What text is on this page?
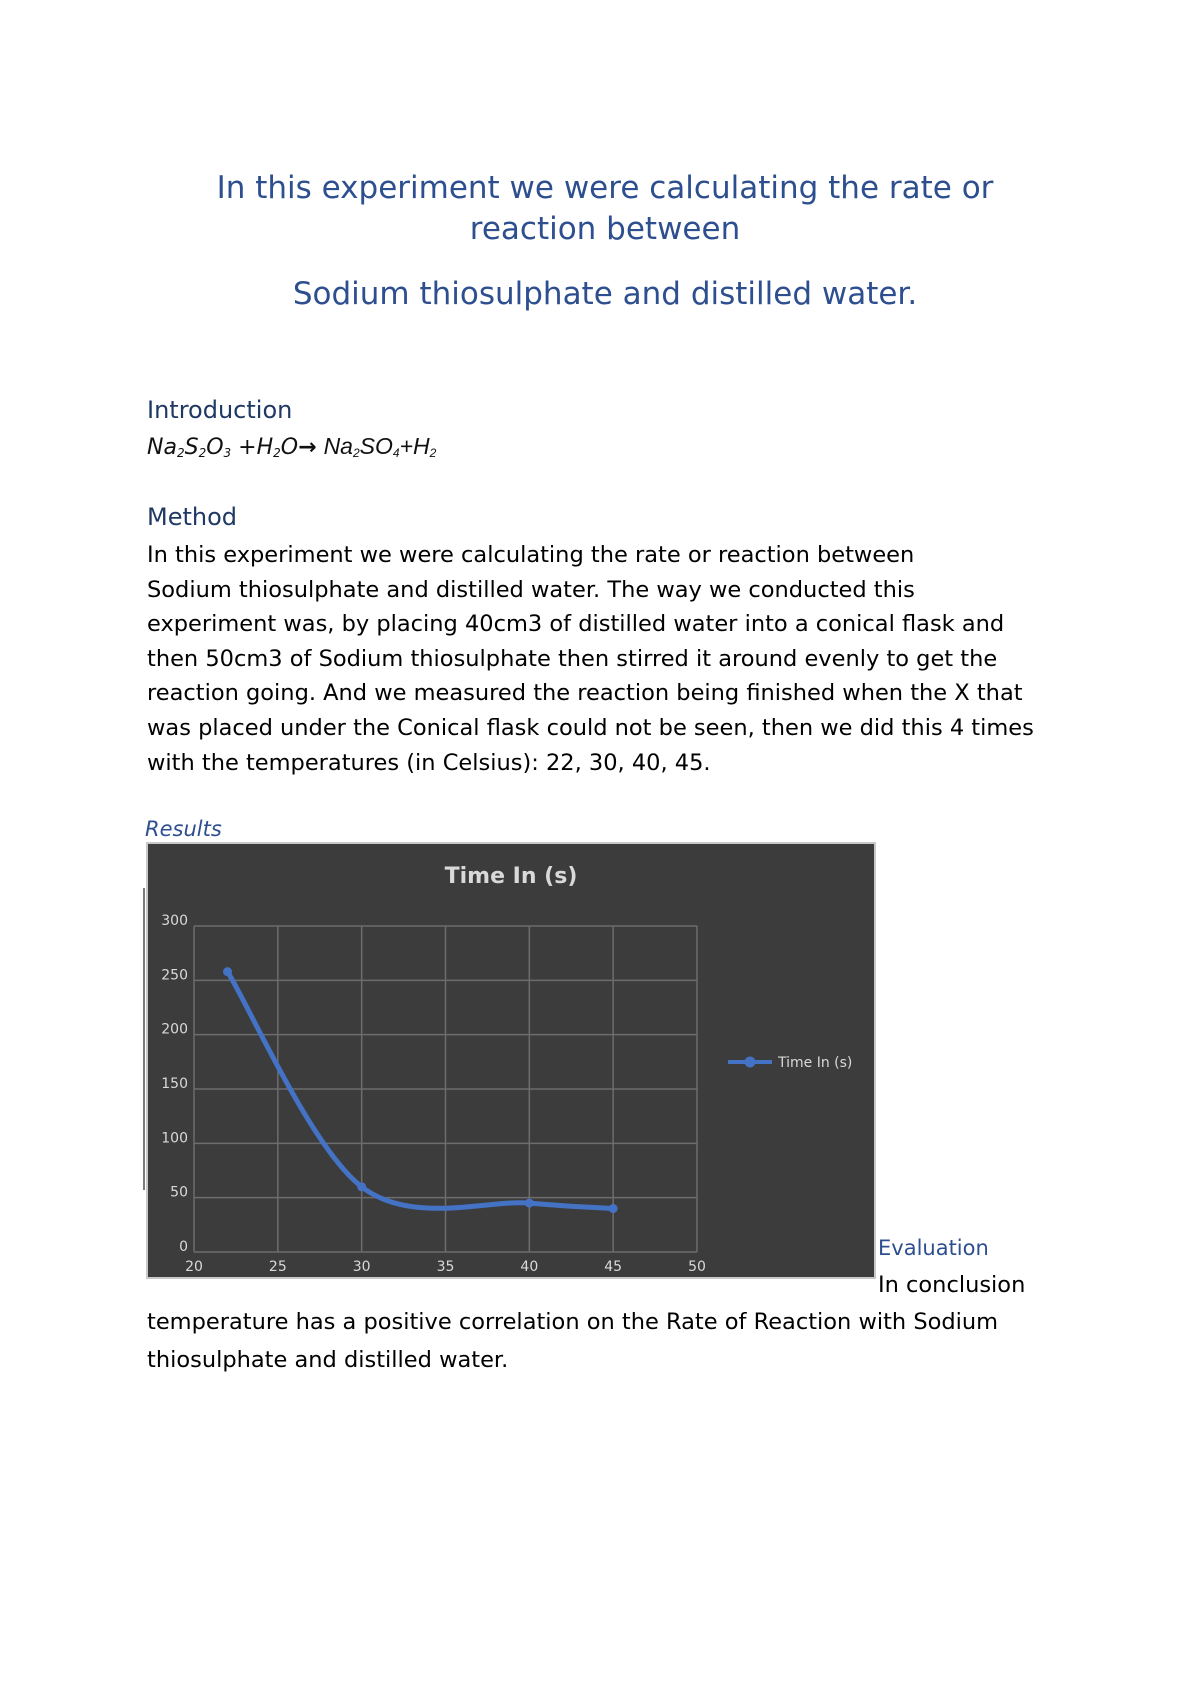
In this experiment we were calculating the rate or
reaction between
Sodium thiosulphate and distilled water.
Introduction
$Na_2S_2O_3 +H_2O\to Na_2SO_4+H_2$
Method
In this experiment we were calculating the rate or reaction between
Sodium thiosulphate and distilled water. The way we conducted this
experiment was, by placing 40cm3 of distilled water into a conical flask and
then 50cm3 of Sodium thiosulphate then stirred it around evenly to get the
reaction going. And we measured the reaction being finished when the X that
was placed under the Conical flask could not be seen, then we did this 4 times
with the temperatures (in Celsius): 22, 30, 40, 45.
Results
Time In (s)
0
50
100
150
200
250
300
20	25	30	35	40	45	50
Time In (s)
Evaluation
In conclusion
temperature has a positive correlation on the Rate of Reaction with Sodium
thiosulphate and distilled water.
